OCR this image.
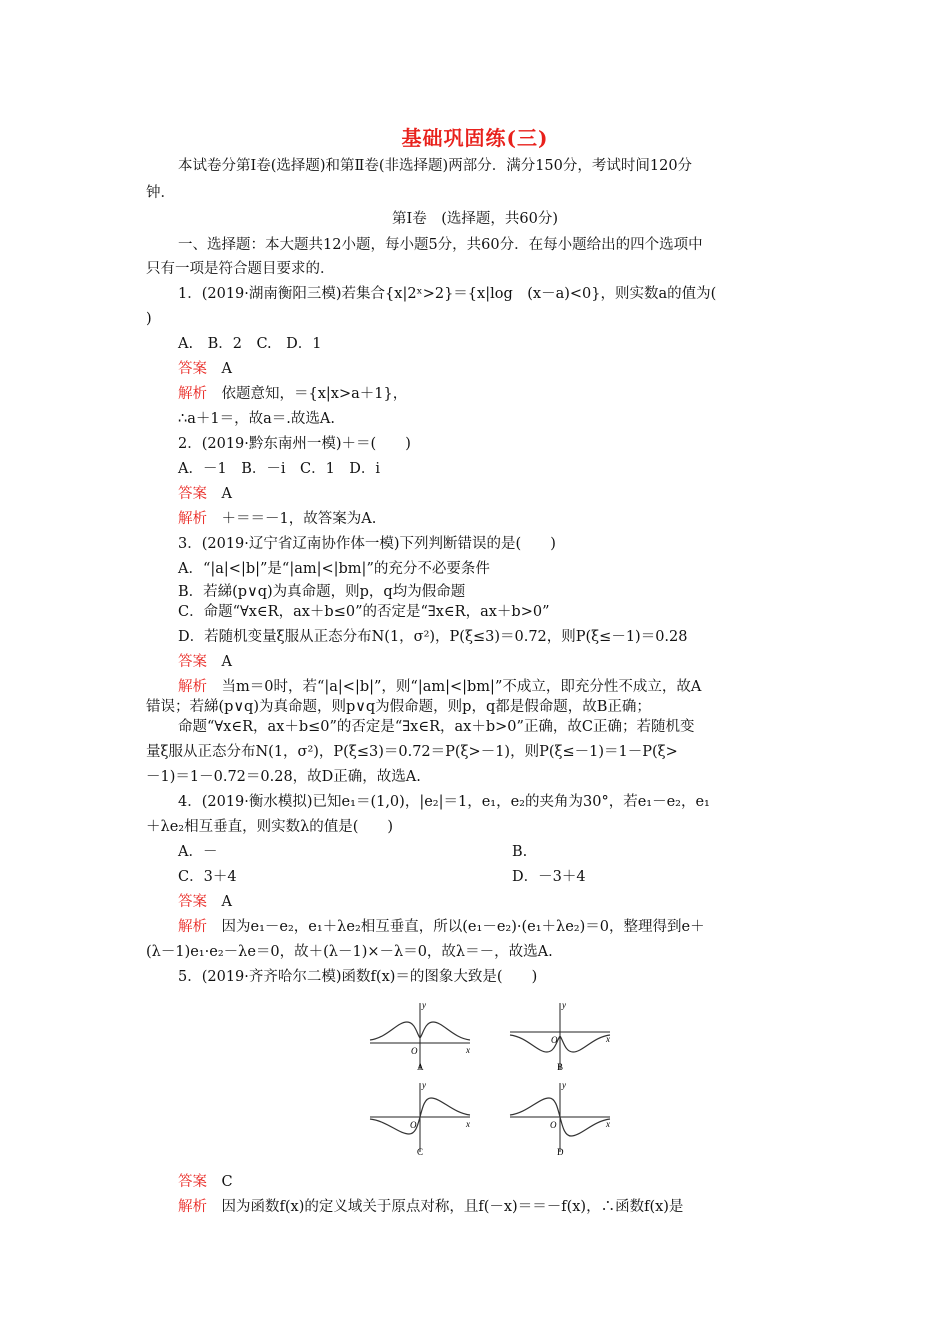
基础巩固练(三)
本试卷分第Ⅰ卷(选择题)和第Ⅱ卷(非选择题)两部分．满分150分，考试时间120分
钟．
第Ⅰ卷　(选择题，共60分)
一、选择题：本大题共12小题，每小题5分，共60分．在每小题给出的四个选项中
只有一项是符合题目要求的．
1．(2019·湖南衡阳三模)若集合{x|2ˣ>2}＝{x|log　(x－a)<0}，则实数a的值为(
)
A.　B．2　C.　D．1
答案　 A
解析　 依题意知，＝{x|x>a＋1}，
∴a＋1＝，故a＝.故选A.
2．(2019·黔东南州一模)＋＝(　　)
A．－1　B．－i　C．1　D．i
答案　 A
解析　 ＋＝＝－1，故答案为A.
3．(2019·辽宁省辽南协作体一模)下列判断错误的是(　　)
A．“|a|<|b|”是“|am|<|bm|”的充分不必要条件
B．若綈(p∨q)为真命题，则p，q均为假命题
C．命题“∀x∈R，ax＋b≤0”的否定是“∃x∈R，ax＋b>0”
D．若随机变量ξ服从正态分布N(1，σ²)，P(ξ≤3)＝0.72，则P(ξ≤－1)＝0.28
答案　 A
解析　 当m＝0时，若“|a|<|b|”，则“|am|<|bm|”不成立，即充分性不成立，故A
错误；若綈(p∨q)为真命题，则p∨q为假命题，则p，q都是假命题，故B正确；
命题“∀x∈R，ax＋b≤0”的否定是“∃x∈R，ax＋b>0”正确，故C正确；若随机变
量ξ服从正态分布N(1，σ²)，P(ξ≤3)＝0.72＝P(ξ>－1)，则P(ξ≤－1)＝1－P(ξ>
－1)＝1－0.72＝0.28，故D正确，故选A.
4．(2019·衡水模拟)已知e₁＝(1,0)，|e₂|＝1，e₁，e₂的夹角为30°，若e₁－e₂，e₁
＋λe₂相互垂直，则实数λ的值是(　　)
A．－	B.
C．3＋4	D．－3＋4
答案　 A
解析　 因为e₁－e₂，e₁＋λe₂相互垂直，所以(e₁－e₂)·(e₁＋λe₂)＝0，整理得到e＋
(λ－1)e₁·e₂－λe＝0，故＋(λ－1)×－λ＝0，故λ＝－，故选A.
5．(2019·齐齐哈尔二模)函数f(x)＝的图象大致是(　　)
y
x
O
A
y
x
O
B
y
x
O
C
y
x
O
D
答案　 C
解析　 因为函数f(x)的定义域关于原点对称，且f(－x)＝＝－f(x)，∴函数f(x)是
